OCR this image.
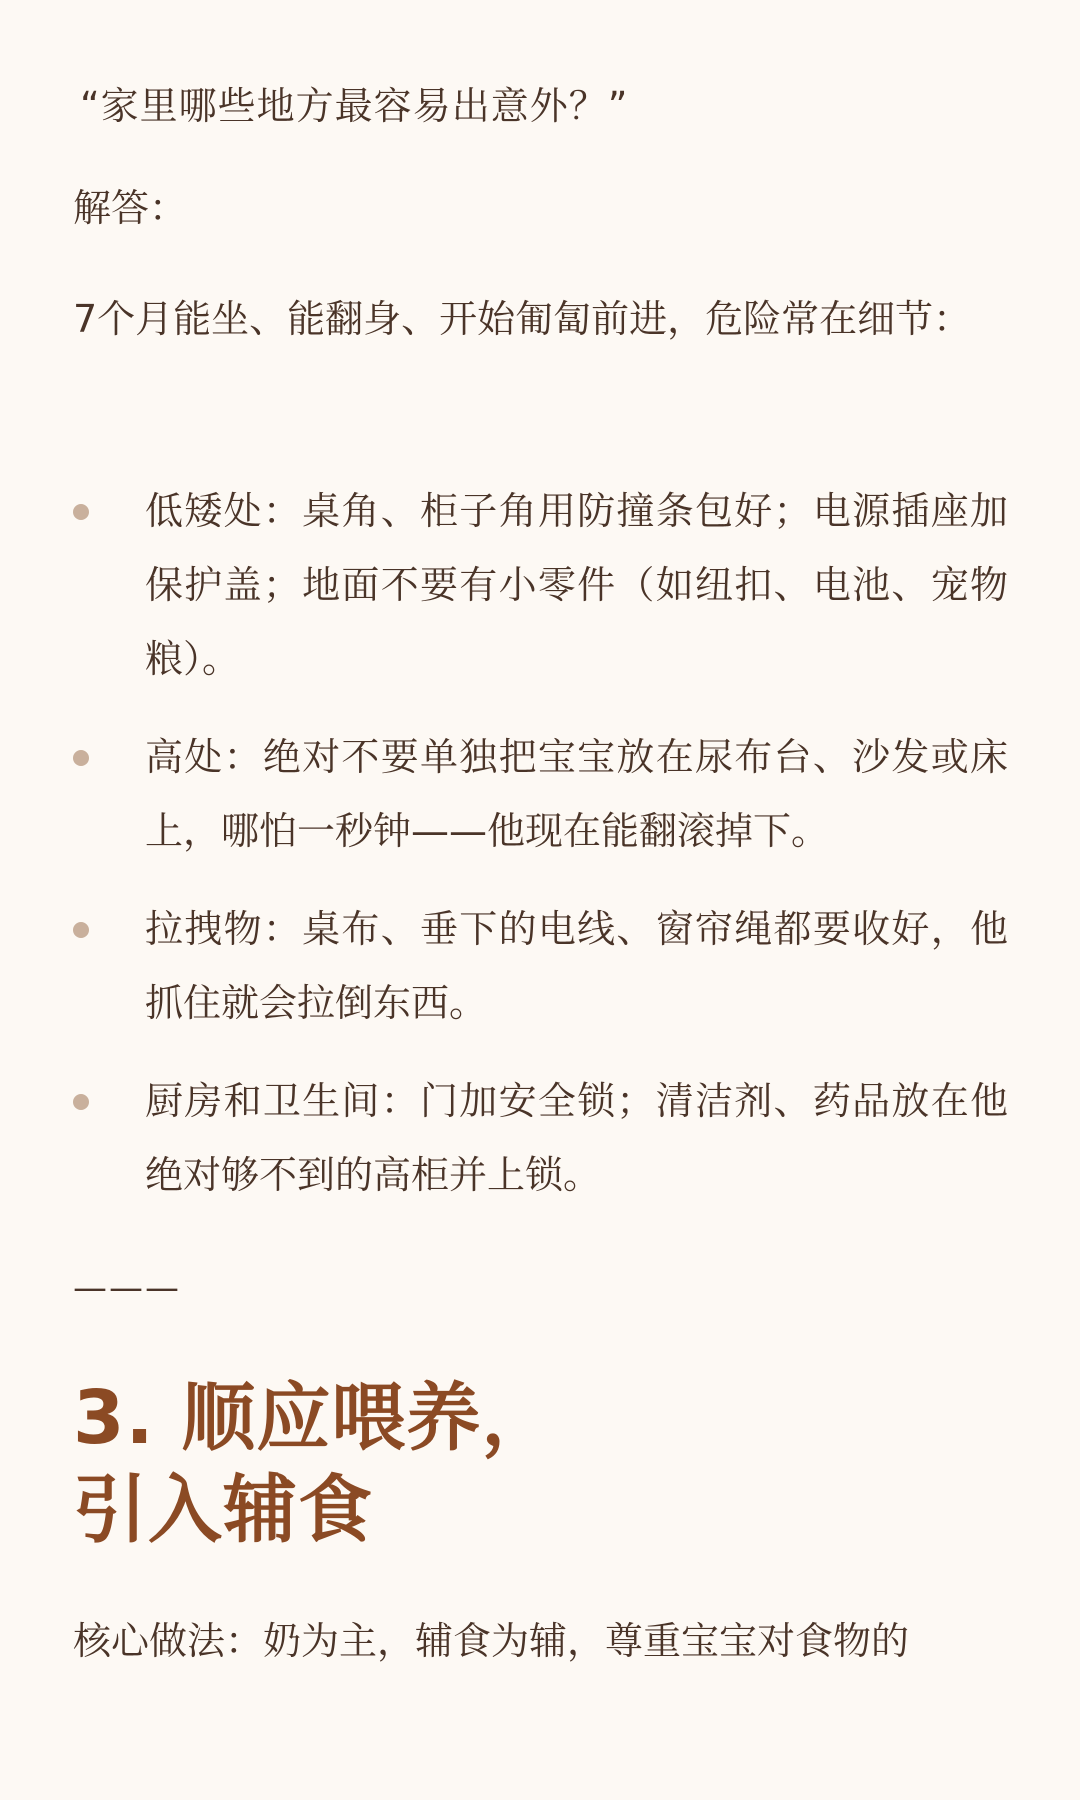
“家里哪些地方最容易出意外？”
解答：

7个月能坐、能翻身、开始匍匐前进，危险常在细节：

低矮处：桌角、柜子角用防撞条包好；电源插座加保护盖；地面不要有小零件（如纽扣、电池、宠物粮）。
高处：绝对不要单独把宝宝放在尿布台、沙发或床上，哪怕一秒钟——他现在能翻滚掉下。
拉拽物：桌布、垂下的电线、窗帘绳都要收好，他抓住就会拉倒东西。
厨房和卫生间：门加安全锁；清洁剂、药品放在他绝对够不到的高柜并上锁。
———
3. 顺应喂养，
引入辅食

核心做法：奶为主，辅食为辅，尊重宝宝对食物的
